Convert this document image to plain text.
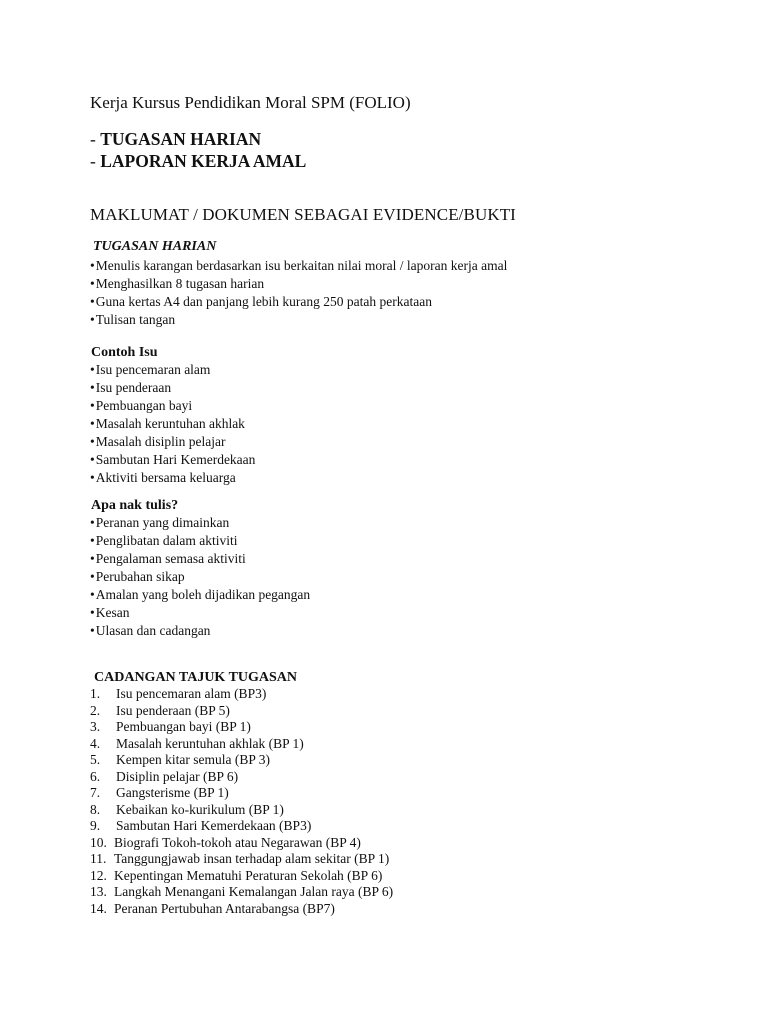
Kerja Kursus Pendidikan Moral SPM (FOLIO)
- TUGASAN HARIAN
- LAPORAN KERJA AMAL
MAKLUMAT / DOKUMEN SEBAGAI EVIDENCE/BUKTI
TUGASAN HARIAN
•Menulis karangan berdasarkan isu berkaitan nilai moral / laporan kerja amal
•Menghasilkan 8 tugasan harian
•Guna kertas A4 dan panjang lebih kurang 250 patah perkataan
•Tulisan tangan
Contoh Isu
•Isu pencemaran alam
•Isu penderaan
•Pembuangan bayi
•Masalah keruntuhan akhlak
•Masalah disiplin pelajar
•Sambutan Hari Kemerdekaan
•Aktiviti bersama keluarga
Apa nak tulis?
•Peranan yang dimainkan
•Penglibatan dalam aktiviti
•Pengalaman semasa aktiviti
•Perubahan sikap
•Amalan yang boleh dijadikan pegangan
•Kesan
•Ulasan dan cadangan
CADANGAN TAJUK TUGASAN
1. Isu pencemaran alam (BP3)
2. Isu penderaan (BP 5)
3. Pembuangan bayi (BP 1)
4. Masalah keruntuhan akhlak (BP 1)
5. Kempen kitar semula (BP 3)
6. Disiplin pelajar (BP 6)
7. Gangsterisme (BP 1)
8. Kebaikan ko-kurikulum (BP 1)
9. Sambutan Hari Kemerdekaan (BP3)
10. Biografi Tokoh-tokoh atau Negarawan (BP 4)
11. Tanggungjawab insan terhadap alam sekitar (BP 1)
12. Kepentingan Mematuhi Peraturan Sekolah (BP 6)
13. Langkah Menangani Kemalangan Jalan raya (BP 6)
14. Peranan Pertubuhan Antarabangsa (BP7)
